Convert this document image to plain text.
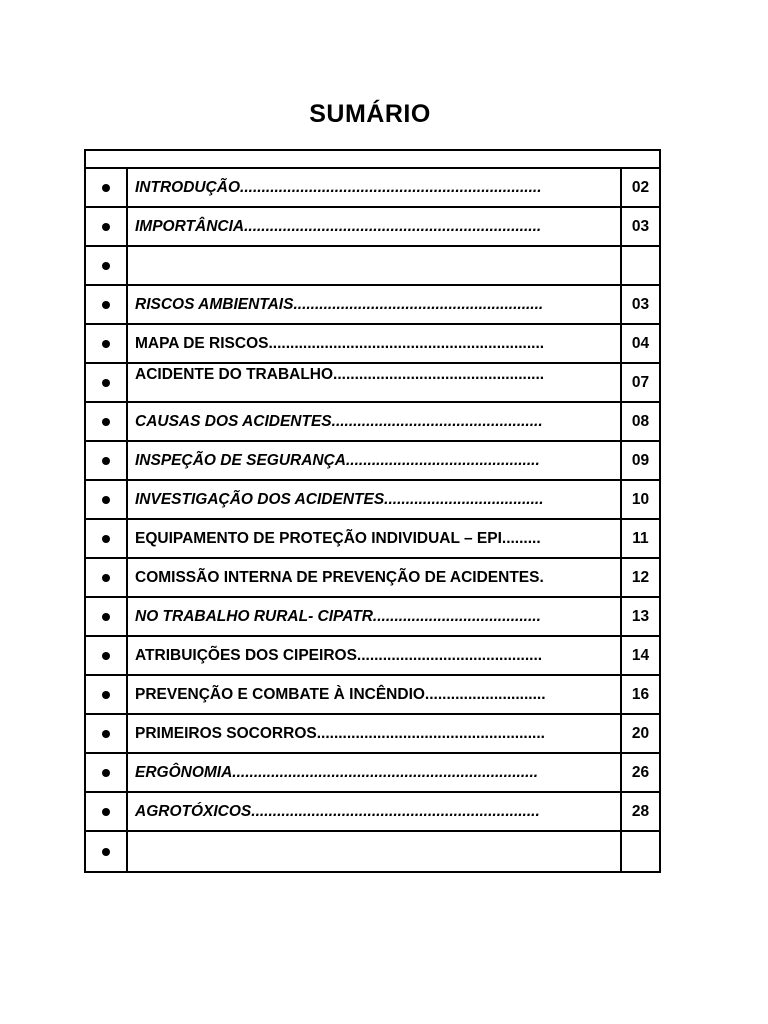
SUMÁRIO
INTRODUÇÃO......................................................................	02
IMPORTÂNCIA.....................................................................	03
RISCOS AMBIENTAIS..........................................................	03
MAPA DE RISCOS................................................................	04
ACIDENTE DO TRABALHO.................................................	07
CAUSAS DOS ACIDENTES.................................................	08
INSPEÇÃO DE SEGURANÇA.............................................	09
INVESTIGAÇÃO DOS ACIDENTES.....................................	10
EQUIPAMENTO DE PROTEÇÃO INDIVIDUAL – EPI.........	11
COMISSÃO INTERNA DE PREVENÇÃO DE ACIDENTES.	12
NO TRABALHO RURAL- CIPATR.......................................	13
ATRIBUIÇÕES DOS CIPEIROS...........................................	14
PREVENÇÃO E COMBATE À INCÊNDIO............................	16
PRIMEIROS SOCORROS.....................................................	20
ERGÔNOMIA.......................................................................	26
AGROTÓXICOS...................................................................	28
